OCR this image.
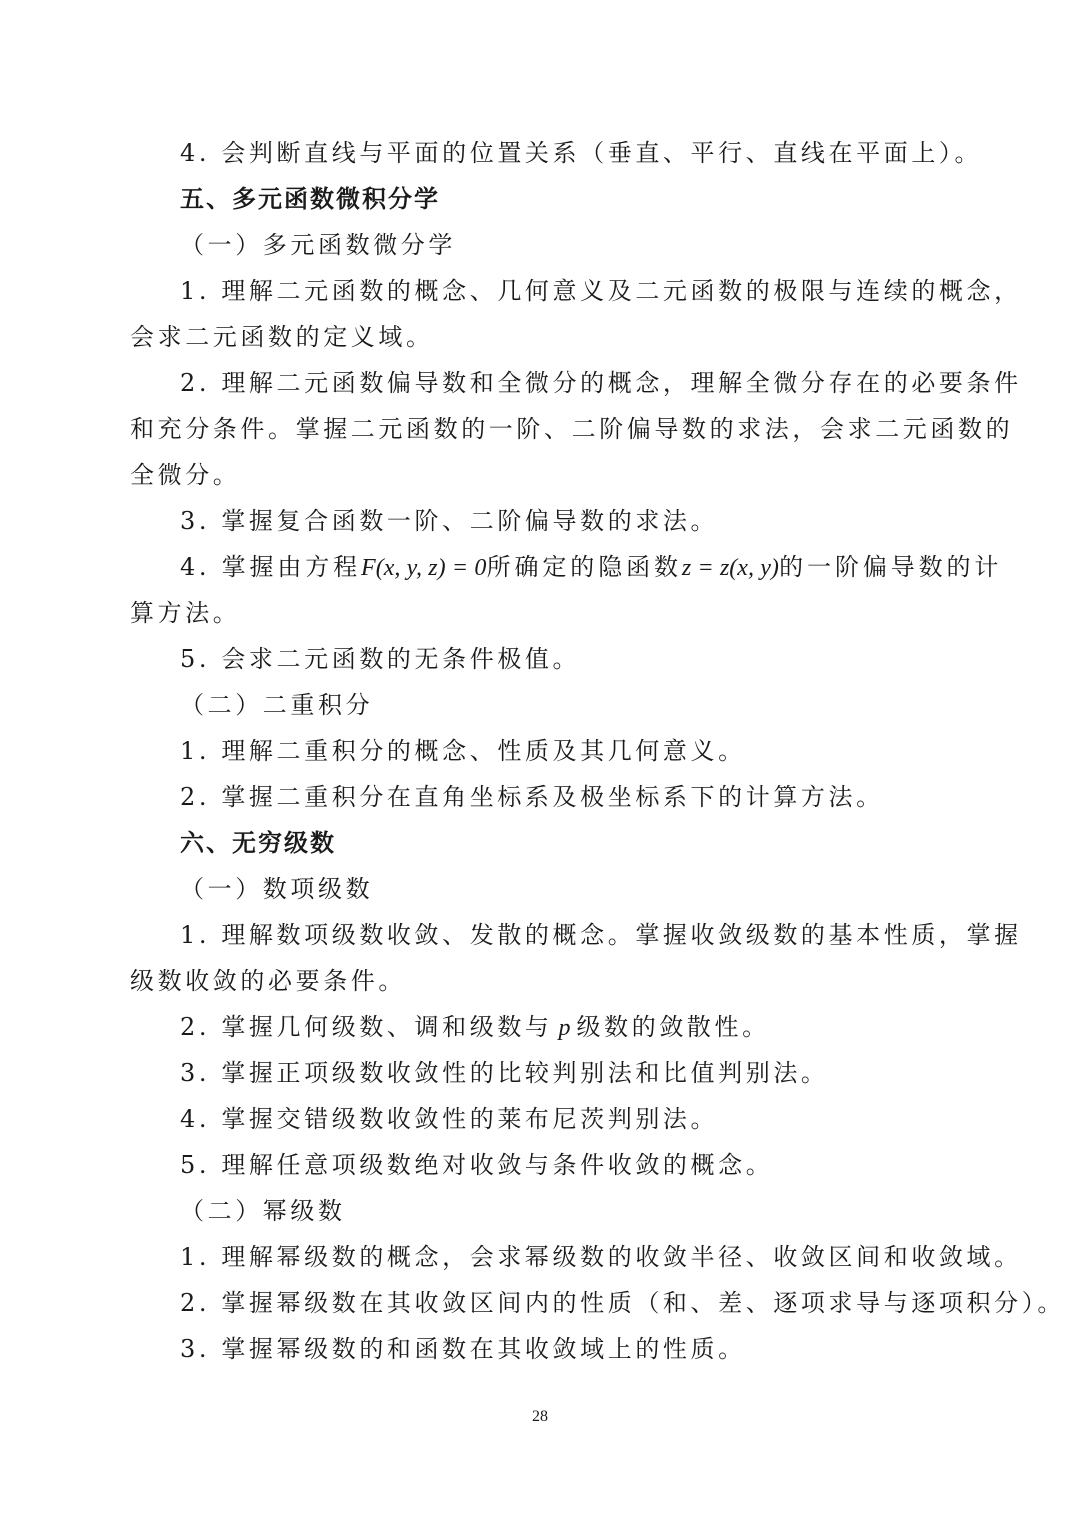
4. 会判断直线与平面的位置关系（垂直、平行、直线在平面上）。
五、多元函数微积分学
（一）多元函数微分学
1. 理解二元函数的概念、几何意义及二元函数的极限与连续的概念，
会求二元函数的定义域。
2. 理解二元函数偏导数和全微分的概念，理解全微分存在的必要条件
和充分条件。掌握二元函数的一阶、二阶偏导数的求法，会求二元函数的
全微分。
3. 掌握复合函数一阶、二阶偏导数的求法。
4. 掌握由方程F(x, y, z) = 0所确定的隐函数z = z(x, y)的一阶偏导数的计
算方法。
5. 会求二元函数的无条件极值。
（二）二重积分
1. 理解二重积分的概念、性质及其几何意义。
2. 掌握二重积分在直角坐标系及极坐标系下的计算方法。
六、无穷级数
（一）数项级数
1. 理解数项级数收敛、发散的概念。掌握收敛级数的基本性质，掌握
级数收敛的必要条件。
2. 掌握几何级数、调和级数与 p 级数的敛散性。
3. 掌握正项级数收敛性的比较判别法和比值判别法。
4. 掌握交错级数收敛性的莱布尼茨判别法。
5. 理解任意项级数绝对收敛与条件收敛的概念。
（二）幂级数
1. 理解幂级数的概念，会求幂级数的收敛半径、收敛区间和收敛域。
2. 掌握幂级数在其收敛区间内的性质（和、差、逐项求导与逐项积分）。
3. 掌握幂级数的和函数在其收敛域上的性质。
28
